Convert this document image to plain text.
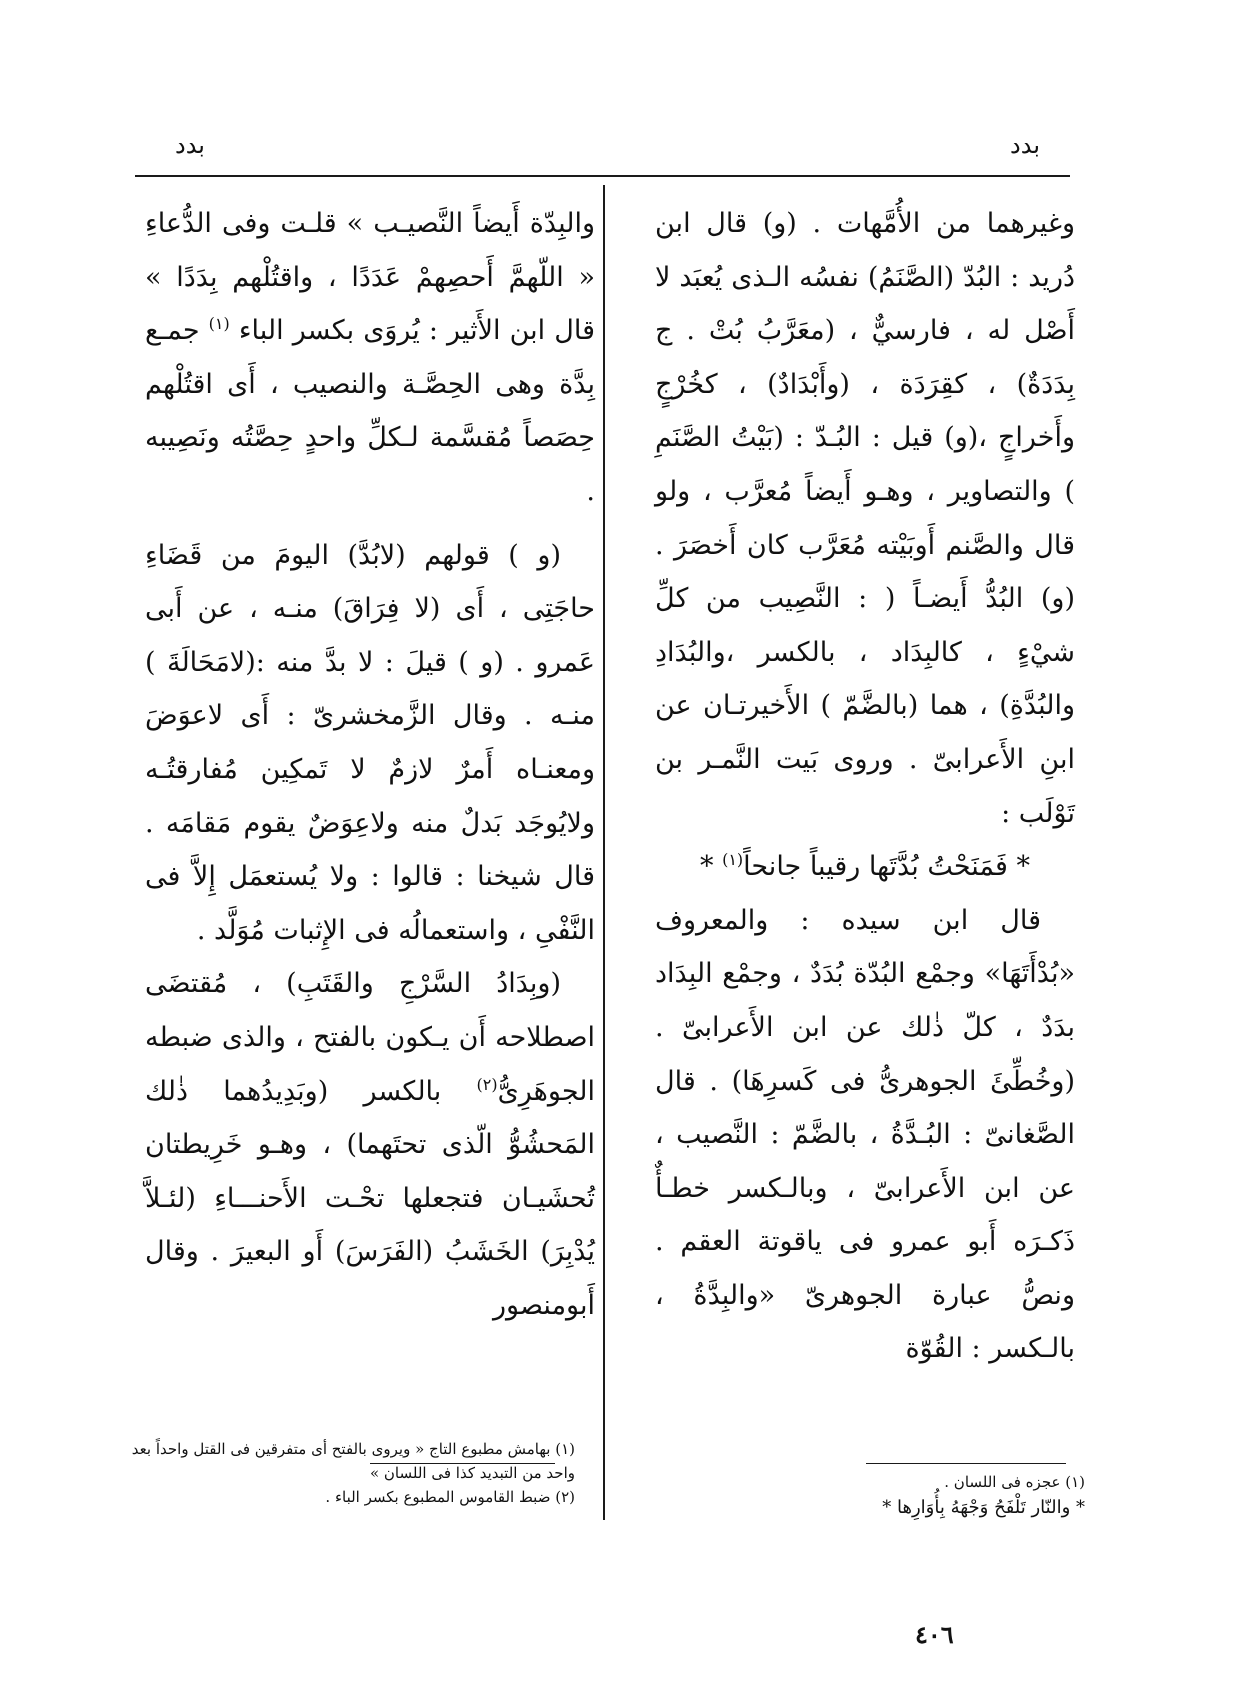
بدد
بدد

وغيرهما من الأُمَّهات . (و) قال ابن دُريد : البُدّ (الصَّنَمُ) نفسُه الـذى يُعبَد لا أَصْل له ، فارسيٌّ ، (معَرَّبُ بُتْ . ج بِدَدَةٌ) ، كقِرَدَة ، (وأَبْدَادٌ) ، كخُرْجٍ وأَخراجٍ ،(و) قيل : البُـدّ : (بَيْتُ الصَّنَمِ ) والتصاوير ، وهـو أَيضاً مُعرَّب ، ولو قال والصَّنم أَوبَيْته مُعَرَّب كان أَخصَرَ . (و) البُدُّ أَيضـاً ( : النَّصِيب من كلِّ شيْءٍ ، كالبِدَاد ، بالكسر ،والبُدَادِ والبُدَّةِ) ، هما (بالضَّمّ ) الأَخيرتـان عن ابنِ الأَعرابىّ . وروى بَيت النَّمـر بن تَوْلَب :

* فَمَنَحْتُ بُدَّتَها رقيباً جانحاً$^{(١)}$ *

قال ابن سيده : والمعروف «بُدْأَتَهَا» وجمْع البُدّة بُدَدٌ ، وجمْع البِدَاد بدَدٌ ، كلّ ذٰلك عن ابن الأَعرابىّ . (وخُطِّئَ الجوهرىُّ فى كَسرِهَا) . قال الصَّغانىّ : البُـدَّةُ ، بالضَّمّ : النَّصيب ، عن ابن الأَعرابىّ ، وبالـكسر خطـأٌ ذَكـرَه أَبو عمرو فى ياقوتة العقم . ونصُّ عبارة الجوهرىّ «والبِدَّةُ ، بالـكسر : القُوّة

والبِدّة أَيضاً النَّصيـب » قلـت وفى الدُّعاءِ « اللّهمَّ أَحصِهمْ عَدَدًا ، واقتُلْهم بِدَدًا » قال ابن الأَثير : يُروَى بكسر الباء $^{(١)}$ جمـع بِدَّة وهى الحِصَّـة والنصيب ، أَى اقتُلْهم حِصَصاً مُقسَّمة لـكلِّ واحدٍ حِصَّتُه ونَصِيبه .

(و ) قولهم (لابُدَّ) اليومَ من قَضَاءِ حاجَتِى ، أَى (لا فِرَاقَ) منـه ، عن أَبى عَمرو . (و ) قيلَ : لا بدَّ منه :(لامَحَالَةَ ) منـه . وقال الزَّمخشرىّ : أَى لاعوَضَ ومعنـاه أَمرٌ لازمٌ لا تَمكِين مُفارقتُـه ولايُوجَد بَدلٌ منه ولاعِوَضٌ يقوم مَقامَه . قال شيخنا : قالوا : ولا يُستعمَل إِلاَّ فى النَّفْىِ ، واستعمالُه فى الإِثبات مُوَلَّد .

(وبِدَادُ السَّرْجِ والقَتَبِ) ، مُقتضَى اصطلاحه أَن يـكون بالفتح ، والذى ضبطه الجوهَرِىُّ$^{(٢)}$ بالكسر (وبَدِيدُهما ذٰلك المَحشُوُّ الّذى تحتَهما) ، وهـو خَرِيطتان تُحشَيـان فتجعلها تحْـت الأَحنـــاءِ (لئـلاَّ يُدْبِرَ) الخَشَبُ (الفَرَسَ) أَو البعيرَ . وقال أَبومنصور

(١) بهامش مطبوع التاج « ويروى بالفتح أى متفرقين فى القتل واحداً بعد واحد من التبديد كذا فى اللسان »

(٢) ضبط القاموس المطبوع بكسر الباء .

(١) عجزه فى اللسان .

* والنّار تَلْفَحُ وَجْهَهُ بِأُوَارِها *

٤٠٦
